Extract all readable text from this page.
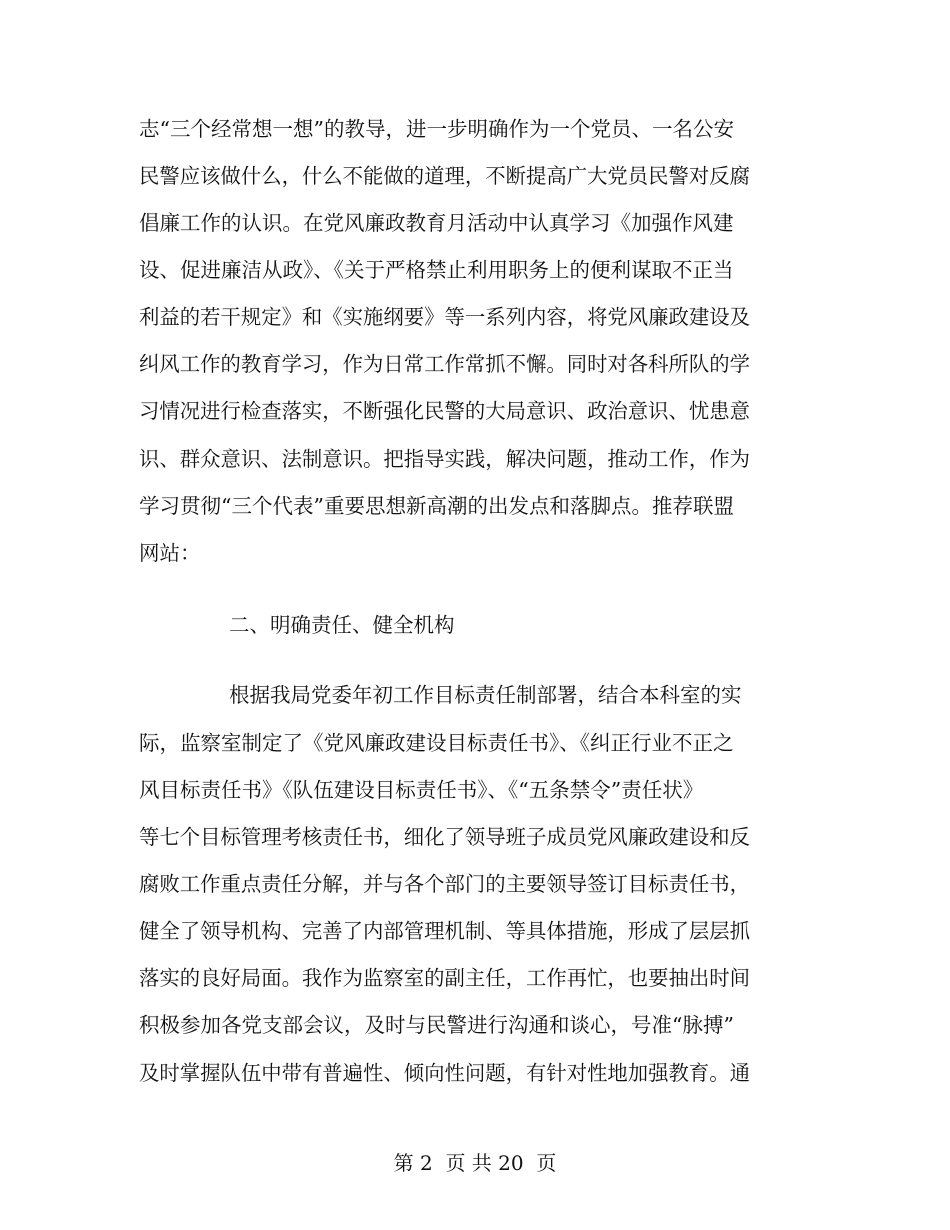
志“三个经常想一想”的教导，进一步明确作为一个党员、一名公安
民警应该做什么，什么不能做的道理，不断提高广大党员民警对反腐
倡廉工作的认识。在党风廉政教育月活动中认真学习《加强作风建
设、促进廉洁从政》、《关于严格禁止利用职务上的便利谋取不正当
利益的若干规定》和《实施纲要》等一系列内容，将党风廉政建设及
纠风工作的教育学习，作为日常工作常抓不懈。同时对各科所队的学
习情况进行检查落实，不断强化民警的大局意识、政治意识、忧患意
识、群众意识、法制意识。把指导实践，解决问题，推动工作，作为
学习贯彻“三个代表”重要思想新高潮的出发点和落脚点。推荐联盟
网站：
二、明确责任、健全机构
根据我局党委年初工作目标责任制部署，结合本科室的实
际，监察室制定了《党风廉政建设目标责任书》、《纠正行业不正之
风目标责任书》《队伍建设目标责任书》、《“五条禁令”责任状》
等七个目标管理考核责任书，细化了领导班子成员党风廉政建设和反
腐败工作重点责任分解，并与各个部门的主要领导签订目标责任书，
健全了领导机构、完善了内部管理机制、等具体措施，形成了层层抓
落实的良好局面。我作为监察室的副主任，工作再忙，也要抽出时间
积极参加各党支部会议，及时与民警进行沟通和谈心，号准“脉搏”
及时掌握队伍中带有普遍性、倾向性问题，有针对性地加强教育。通
第 2  页 共 20  页
